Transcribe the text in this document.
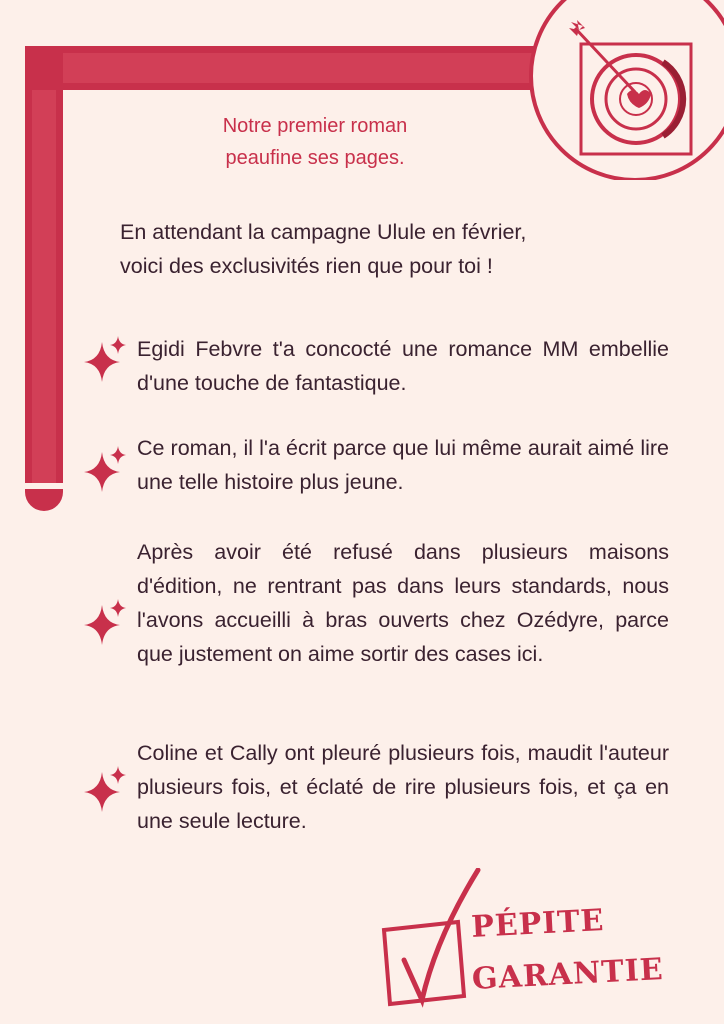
Notre premier roman
peaufine ses pages.
En attendant la campagne Ulule en février,
voici des exclusivités rien que pour toi !
Egidi Febvre t'a concocté une romance MM embellie d'une touche de fantastique.
Ce roman, il l'a écrit parce que lui même aurait aimé lire une telle histoire plus jeune.
Après avoir été refusé dans plusieurs maisons d'édition, ne rentrant pas dans leurs standards, nous l'avons accueilli à bras ouverts chez Ozédyre, parce que justement on aime sortir des cases ici.
Coline et Cally ont pleuré plusieurs fois, maudit l'auteur plusieurs fois, et éclaté de rire plusieurs fois, et ça en une seule lecture.
PÉPITE
GARANTIE
